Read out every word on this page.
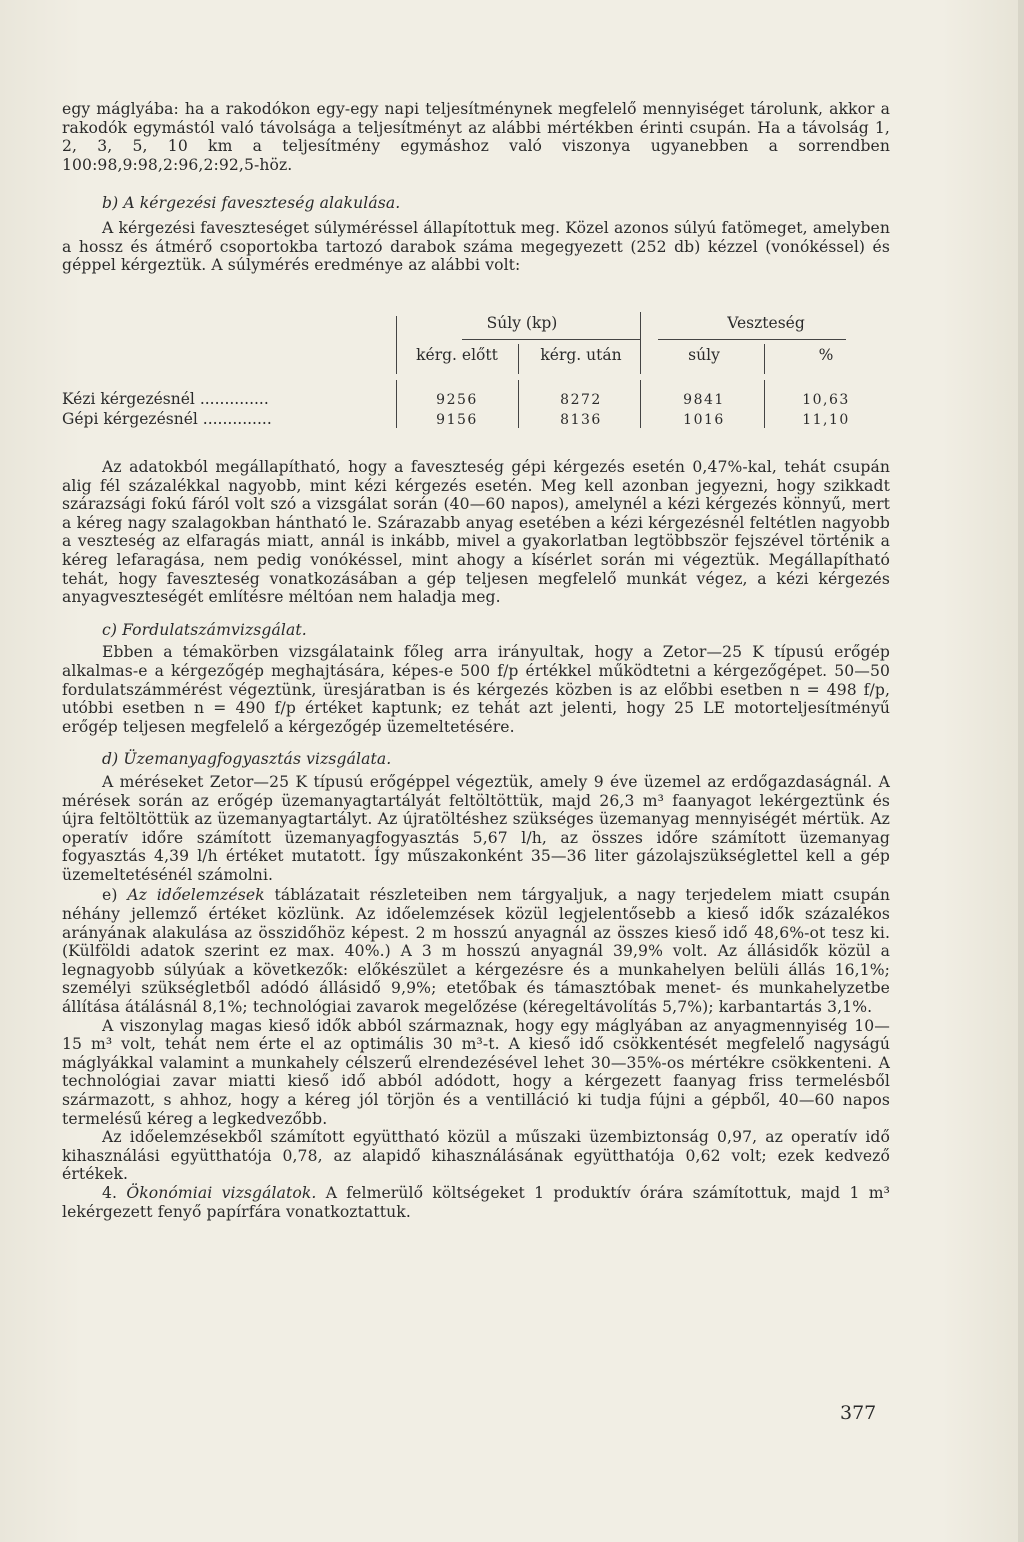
egy máglyába: ha a rakodókon egy-egy napi teljesítménynek megfelelő mennyiséget tárolunk, akkor a rakodók egymástól való távolsága a teljesítményt az alábbi mértékben érinti csupán. Ha a távolság 1, 2, 3, 5, 10 km a teljesítmény egymáshoz való viszonya ugyanebben a sorrendben 100:98,9:98,2:96,2:92,5-höz.

b) A kérgezési faveszteség alakulása.

A kérgezési faveszteséget súlyméréssel állapítottuk meg. Közel azonos súlyú fatömeget, amelyben a hossz és átmérő csoportokba tartozó darabok száma megegyezett (252 db) kézzel (vonókéssel) és géppel kérgeztük. A súlymérés eredménye az alábbi volt:

Súly (kp)	Veszteség
kérg. előtt	kérg. után	súly	%
Kézi kérgezésnél ..............	9256	8272	9841	10,63
Gépi kérgezésnél ..............	9156	8136	1016	11,10

Az adatokból megállapítható, hogy a faveszteség gépi kérgezés esetén 0,47%-kal, tehát csupán alig fél százalékkal nagyobb, mint kézi kérgezés esetén. Meg kell azonban jegyezni, hogy szikkadt szárazsági fokú fáról volt szó a vizsgálat során (40—60 napos), amelynél a kézi kérgezés könnyű, mert a kéreg nagy szalagokban hántható le. Szárazabb anyag esetében a kézi kérgezésnél feltétlen nagyobb a veszteség az elfaragás miatt, annál is inkább, mivel a gyakorlatban legtöbbször fejszével történik a kéreg lefaragása, nem pedig vonókéssel, mint ahogy a kísérlet során mi végeztük. Megállapítható tehát, hogy faveszteség vonatkozásában a gép teljesen megfelelő munkát végez, a kézi kérgezés anyagveszteségét említésre méltóan nem haladja meg.

c) Fordulatszámvizsgálat.

Ebben a témakörben vizsgálataink főleg arra irányultak, hogy a Zetor—25 K típusú erőgép alkalmas-e a kérgezőgép meghajtására, képes-e 500 f/p értékkel működtetni a kérgezőgépet. 50—50 fordulatszámmérést végeztünk, üresjáratban is és kérgezés közben is az előbbi esetben n = 498 f/p, utóbbi esetben n = 490 f/p értéket kaptunk; ez tehát azt jelenti, hogy 25 LE motorteljesítményű erőgép teljesen megfelelő a kérgezőgép üzemeltetésére.

d) Üzemanyagfogyasztás vizsgálata.

A méréseket Zetor—25 K típusú erőgéppel végeztük, amely 9 éve üzemel az erdőgazdaságnál. A mérések során az erőgép üzemanyagtartályát feltöltöttük, majd 26,3 m³ faanyagot lekérgeztünk és újra feltöltöttük az üzemanyagtartályt. Az újratöltéshez szükséges üzemanyag mennyiségét mértük. Az operatív időre számított üzemanyagfogyasztás 5,67 l/h, az összes időre számított üzemanyag fogyasztás 4,39 l/h értéket mutatott. Így műszakonként 35—36 liter gázolajszükséglettel kell a gép üzemeltetésénél számolni.

e) Az időelemzések táblázatait részleteiben nem tárgyaljuk, a nagy terjedelem miatt csupán néhány jellemző értéket közlünk. Az időelemzések közül legjelentősebb a kieső idők százalékos arányának alakulása az összidőhöz képest. 2 m hosszú anyagnál az összes kieső idő 48,6%-ot tesz ki. (Külföldi adatok szerint ez max. 40%.) A 3 m hosszú anyagnál 39,9% volt. Az állásidők közül a legnagyobb súlyúak a következők: előkészület a kérgezésre és a munkahelyen belüli állás 16,1%; személyi szükségletből adódó állásidő 9,9%; etetőbak és támasztóbak menet- és munkahelyzetbe állítása átálásnál 8,1%; technológiai zavarok megelőzése (kéregeltávolítás 5,7%); karbantartás 3,1%.

A viszonylag magas kieső idők abból származnak, hogy egy máglyában az anyagmennyiség 10—15 m³ volt, tehát nem érte el az optimális 30 m³-t. A kieső idő csökkentését megfelelő nagyságú máglyákkal valamint a munkahely célszerű elrendezésével lehet 30—35%-os mértékre csökkenteni. A technológiai zavar miatti kieső idő abból adódott, hogy a kérgezett faanyag friss termelésből származott, s ahhoz, hogy a kéreg jól törjön és a ventilláció ki tudja fújni a gépből, 40—60 napos termelésű kéreg a legkedvezőbb.

Az időelemzésekből számított együttható közül a műszaki üzembiztonság 0,97, az operatív idő kihasználási együtthatója 0,78, az alapidő kihasználásának együtthatója 0,62 volt; ezek kedvező értékek.

4. Ökonómiai vizsgálatok. A felmerülő költségeket 1 produktív órára számítottuk, majd 1 m³ lekérgezett fenyő papírfára vonatkoztattuk.

377
